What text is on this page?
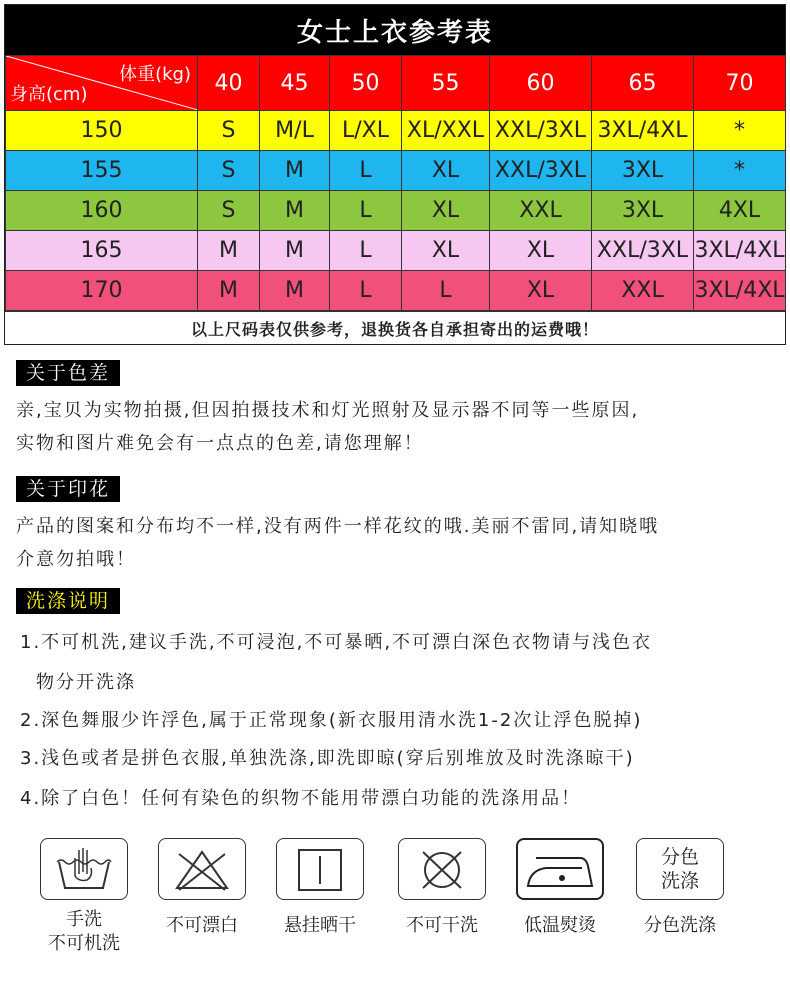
女士上衣参考表
体重(kg)
身高(cm)	40	45	50	55	60	65	70
150	S	M/L	L/XL	XL/XXL	XXL/3XL	3XL/4XL	*
155	S	M	L	XL	XXL/3XL	3XL	*
160	S	M	L	XL	XXL	3XL	4XL
165	M	M	L	XL	XL	XXL/3XL	3XL/4XL
170	M	M	L	L	XL	XXL	3XL/4XL
以上尺码表仅供参考，退换货各自承担寄出的运费哦！
关于色差
亲,宝贝为实物拍摄,但因拍摄技术和灯光照射及显示器不同等一些原因,
实物和图片难免会有一点点的色差,请您理解！
关于印花
产品的图案和分布均不一样,没有两件一样花纹的哦.美丽不雷同,请知晓哦
介意勿拍哦！
洗涤说明
1.不可机洗,建议手洗,不可浸泡,不可暴晒,不可漂白深色衣物请与浅色衣
物分开洗涤
2.深色舞服少许浮色,属于正常现象(新衣服用清水洗1-2次让浮色脱掉)
3.浅色或者是拼色衣服,单独洗涤,即洗即晾(穿后别堆放及时洗涤晾干)
4.除了白色！任何有染色的织物不能用带漂白功能的洗涤用品！
手洗
不可机洗
不可漂白	悬挂晒干	不可干洗	低温熨烫
分色
洗涤
分色洗涤
